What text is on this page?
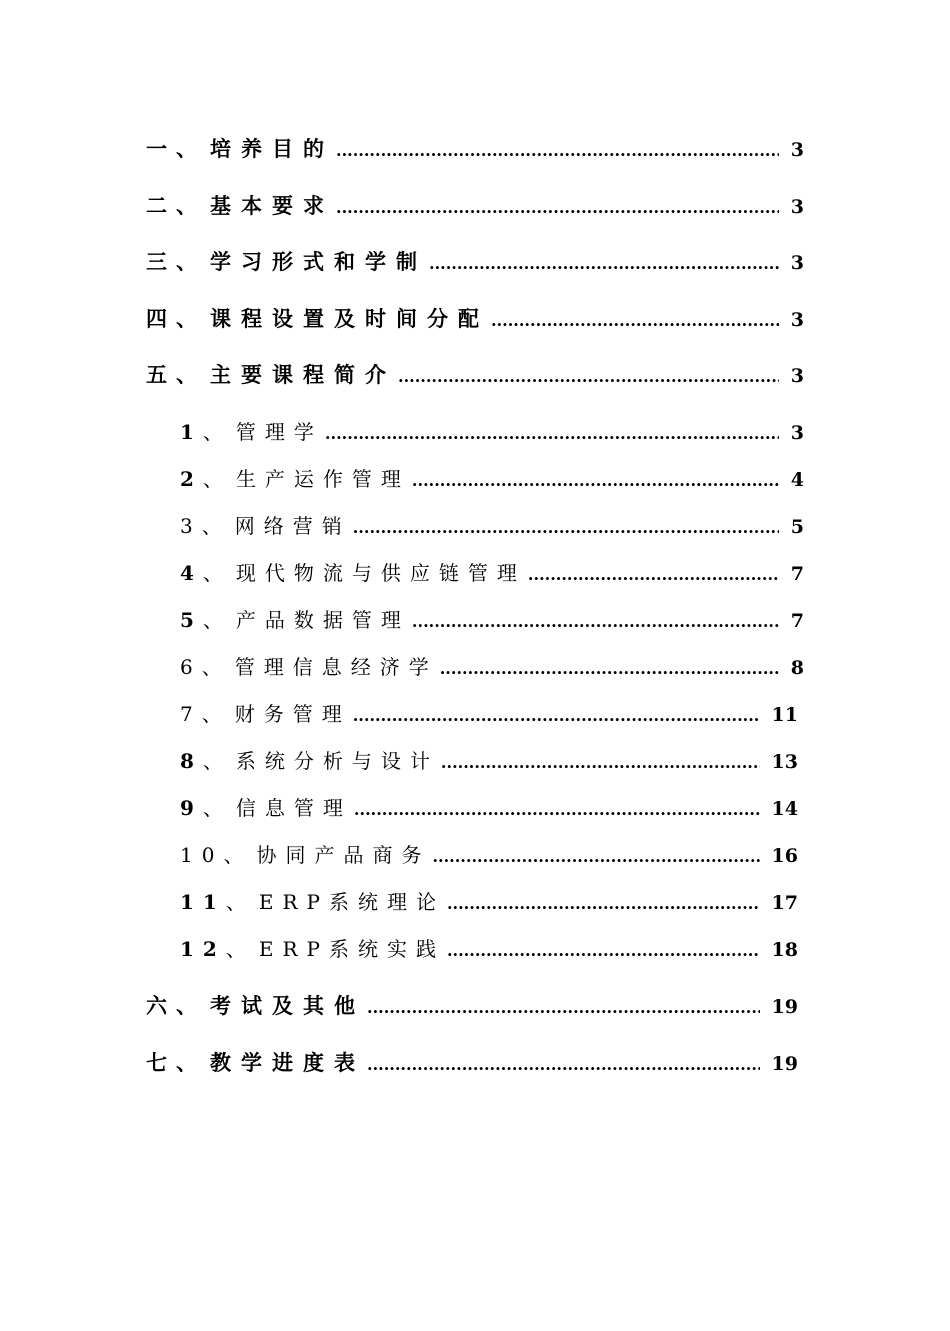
一 、 培养目的 .....	3
二 、 基本要求 .....	3
三 、 学习形式和学制 .....	3
四 、 课程设置及时间分配 .....	3
五 、 主要课程简介 .....	3
1 、 管理学 .....	3
2 、 生产运作管理 .....	4
3 、 网络营销 .....	5
4 、 现代物流与供应链管理 .....	7
5 、 产品数据管理 .....	7
6 、 管理信息经济学 .....	8
7 、 财务管理 .....	11
8 、 系统分析与设计 .....	13
9 、 信息管理 .....	14
10 、 协同产品商务 .....	16
11 、 ERP系统理论 .....	17
12 、 ERP系统实践 .....	18
六 、 考试及其他 .....	19
七 、 教学进度表 .....	19
